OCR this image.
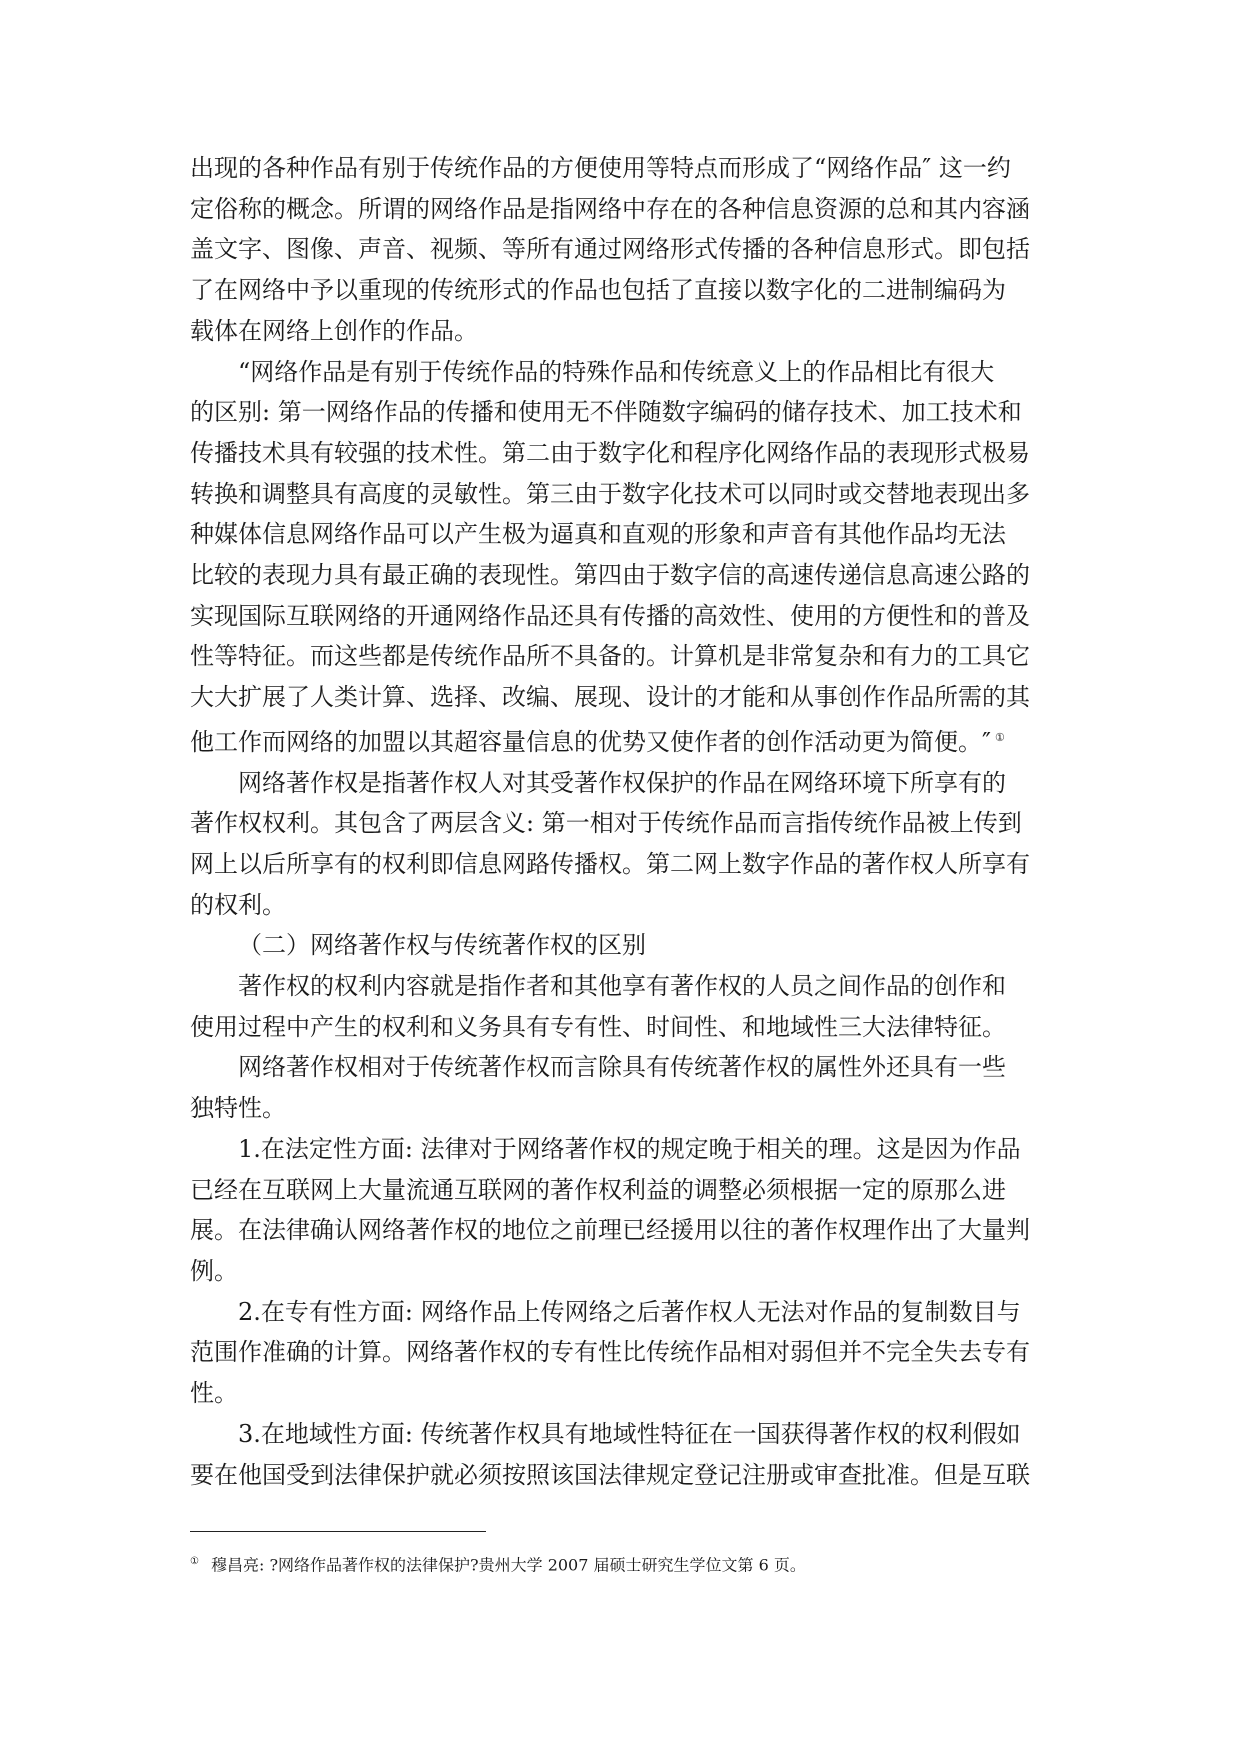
出现的各种作品有别于传统作品的方便使用等特点而形成了“网络作品″ 这一约
定俗称的概念。所谓的网络作品是指网络中存在的各种信息资源的总和其内容涵
盖文字、图像、声音、视频、等所有通过网络形式传播的各种信息形式。即包括
了在网络中予以重现的传统形式的作品也包括了直接以数字化的二进制编码为
载体在网络上创作的作品。

“网络作品是有别于传统作品的特殊作品和传统意义上的作品相比有很大
的区别: 第一网络作品的传播和使用无不伴随数字编码的储存技术、加工技术和
传播技术具有较强的技术性。第二由于数字化和程序化网络作品的表现形式极易
转换和调整具有高度的灵敏性。第三由于数字化技术可以同时或交替地表现出多
种媒体信息网络作品可以产生极为逼真和直观的形象和声音有其他作品均无法
比较的表现力具有最正确的表现性。第四由于数字信的高速传递信息高速公路的
实现国际互联网络的开通网络作品还具有传播的高效性、使用的方便性和的普及
性等特征。而这些都是传统作品所不具备的。计算机是非常复杂和有力的工具它
大大扩展了人类计算、选择、改编、展现、设计的才能和从事创作作品所需的其
他工作而网络的加盟以其超容量信息的优势又使作者的创作活动更为简便。″ ①

网络著作权是指著作权人对其受著作权保护的作品在网络环境下所享有的
著作权权利。其包含了两层含义: 第一相对于传统作品而言指传统作品被上传到
网上以后所享有的权利即信息网路传播权。第二网上数字作品的著作权人所享有
的权利。

（二）网络著作权与传统著作权的区别

著作权的权利内容就是指作者和其他享有著作权的人员之间作品的创作和
使用过程中产生的权利和义务具有专有性、时间性、和地域性三大法律特征。

网络著作权相对于传统著作权而言除具有传统著作权的属性外还具有一些
独特性。

1.在法定性方面: 法律对于网络著作权的规定晚于相关的理。这是因为作品
已经在互联网上大量流通互联网的著作权利益的调整必须根据一定的原那么进
展。在法律确认网络著作权的地位之前理已经援用以往的著作权理作出了大量判
例。

2.在专有性方面: 网络作品上传网络之后著作权人无法对作品的复制数目与
范围作准确的计算。网络著作权的专有性比传统作品相对弱但并不完全失去专有
性。

3.在地域性方面: 传统著作权具有地域性特征在一国获得著作权的权利假如
要在他国受到法律保护就必须按照该国法律规定登记注册或审查批准。但是互联

① 穆昌亮: ?网络作品著作权的法律保护?贵州大学 2007 届硕士研究生学位文第 6 页。
